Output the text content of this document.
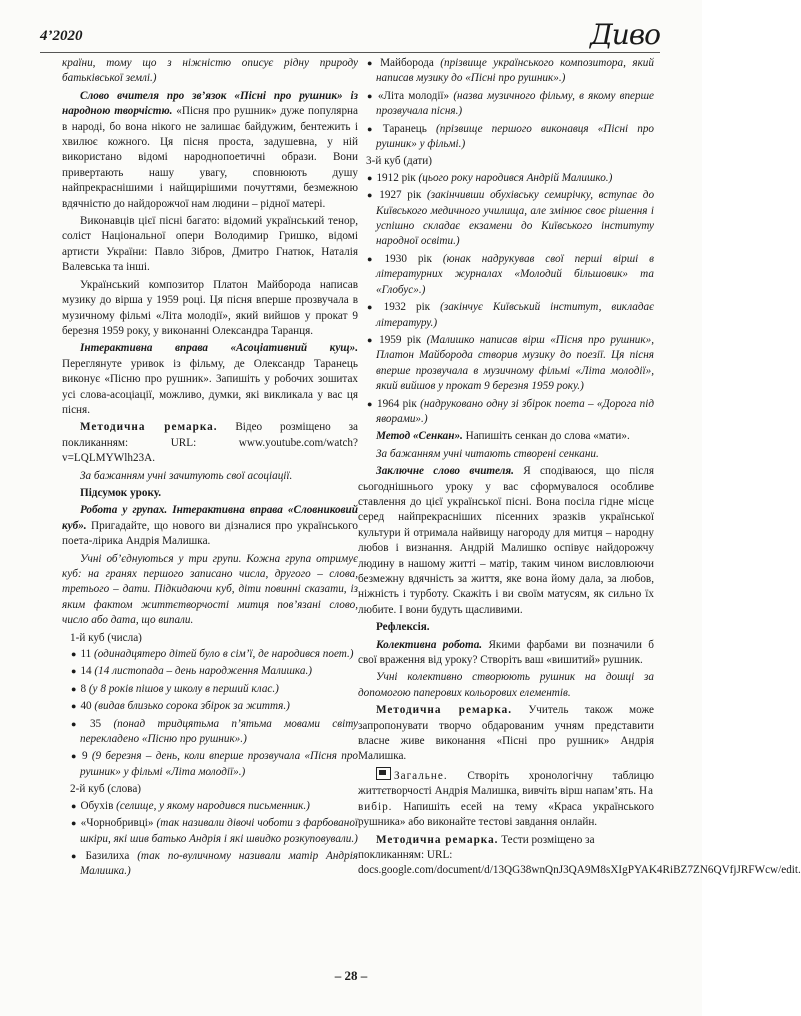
4’2020	Диво

країни, тому що з ніжністю описує рідну природу батьківської землі.)

Слово вчителя про зв’язок «Пісні про рушник» із народною творчістю. «Пісня про рушник» дуже популярна в народі, бо вона нікого не залишає байдужим, бентежить і хвилює кожного. Ця пісня проста, задушевна, у ній використано відомі народнопоетичні образи. Вони привертають нашу увагу, сповнюють душу найпрекраснішими і найщирішими почуттями, безмежною вдячністю до найдорожчої нам людини – рідної матері.

Виконавців цієї пісні багато: відомий український тенор, соліст Національної опери Володимир Гришко, відомі артисти України: Павло Зібров, Дмитро Гнатюк, Наталія Валевська та інші.

Український композитор Платон Майборода написав музику до вірша у 1959 році. Ця пісня вперше прозвучала в музичному фільмі «Літа молодії», який вийшов у прокат 9 березня 1959 року, у виконанні Олександра Таранця.

Інтерактивна вправа «Асоціативний кущ». Переглянуте уривок із фільму, де Олександр Таранець виконує «Пісню про рушник». Запишіть у робочих зошитах усі слова-асоціації, можливо, думки, які викликала у вас ця пісня.

Методична ремарка. Відео розміщено за покликанням: URL: www.youtube.com/watch?v=LQLMYWlh23A.

За бажанням учні зачитують свої асоціації.

Підсумок уроку.

Робота у групах. Інтерактивна вправа «Словниковий куб». Пригадайте, що нового ви дізналися про українського поета-лірика Андрія Малишка.

Учні об’єднуються у три групи. Кожна група отримує куб: на гранях першого записано числа, другого – слова, третього – дати. Підкидаючи куб, діти повинні сказати, із яким фактом життєтворчості митця пов’язані слово, число або дата, що випали.

1-й куб (числа)

● 11 (одинадцятеро дітей було в сім’ї, де народився поет.)

● 14 (14 листопада – день народження Малишка.)

● 8 (у 8 років пішов у школу в перший клас.)

● 40 (видав близько сорока збірок за життя.)

● 35 (понад тридцятьма п’ятьма мовами світу перекладено «Пісню про рушник».)

● 9 (9 березня – день, коли вперше прозвучала «Пісня про рушник» у фільмі «Літа молодії».)

2-й куб (слова)

● Обухів (селище, у якому народився письменник.)

● «Чорнобривці» (так називали дівочі чоботи з фарбованої шкіри, які шив батько Андрія і які швидко розкуповували.)

● Базилиха (так по-вуличному називали матір Андрія Малишка.)

● Майборода (прізвище українського композитора, який написав музику до «Пісні про рушник».)

● «Літа молодії» (назва музичного фільму, в якому вперше прозвучала пісня.)

● Таранець (прізвище першого виконавця «Пісні про рушник» у фільмі.)

3-й куб (дати)

● 1912 рік (цього року народився Андрій Малишко.)

● 1927 рік (закінчивши обухівську семирічку, вступає до Київського медичного училища, але змінює своє рішення і успішно складає екзамени до Київського інституту народної освіти.)

● 1930 рік (юнак надрукував свої перші вірші в літературних журналах «Молодий більшовик» та «Глобус».)

● 1932 рік (закінчує Київський інститут, викладає літературу.)

● 1959 рік (Малишко написав вірш «Пісня про рушник», Платон Майборода створив музику до поезії. Ця пісня вперше прозвучала в музичному фільмі «Літа молодії», який вийшов у прокат 9 березня 1959 року.)

● 1964 рік (надруковано одну зі збірок поета – «Дорога під яворами».)

Метод «Сенкан». Напишіть сенкан до слова «мати».

За бажанням учні читають створені сенкани.

Заключне слово вчителя. Я сподіваюся, що після сьогоднішнього уроку у вас сформувалося особливе ставлення до цієї української пісні. Вона посіла гідне місце серед найпрекрасніших пісенних зразків української культури й отримала найвищу нагороду для митця – народну любов і визнання. Андрій Малишко оспівує найдорожчу людину в нашому житті – матір, таким чином висловлюючи безмежну вдячність за життя, яке вона йому дала, за любов, ніжність і турботу. Скажіть і ви своїм матусям, як сильно їх любите. І вони будуть щасливими.

Рефлексія.

Колективна робота. Якими фарбами ви позначили б свої враження від уроку? Створіть ваш «вишитий» рушник.

Учні колективно створюють рушник на дошці за допомогою паперових кольорових елементів.

Методична ремарка. Учитель також може запропонувати творчо обдарованим учням представити власне живе виконання «Пісні про рушник» Андрія Малишка.

Загальне. Створіть хронологічну таблицю життєтворчості Андрія Малишка, вивчіть вірш напам’ять. На вибір. Напишіть есей на тему «Краса українського рушника» або виконайте тестові завдання онлайн.

Методична ремарка. Тести розміщено за покликанням: URL: docs.google.com/document/d/13QG38wnQnJ3QA9M8sXIgPYAK4RiBZ7ZN6QVfjJRFWcw/edit.

– 28 –
